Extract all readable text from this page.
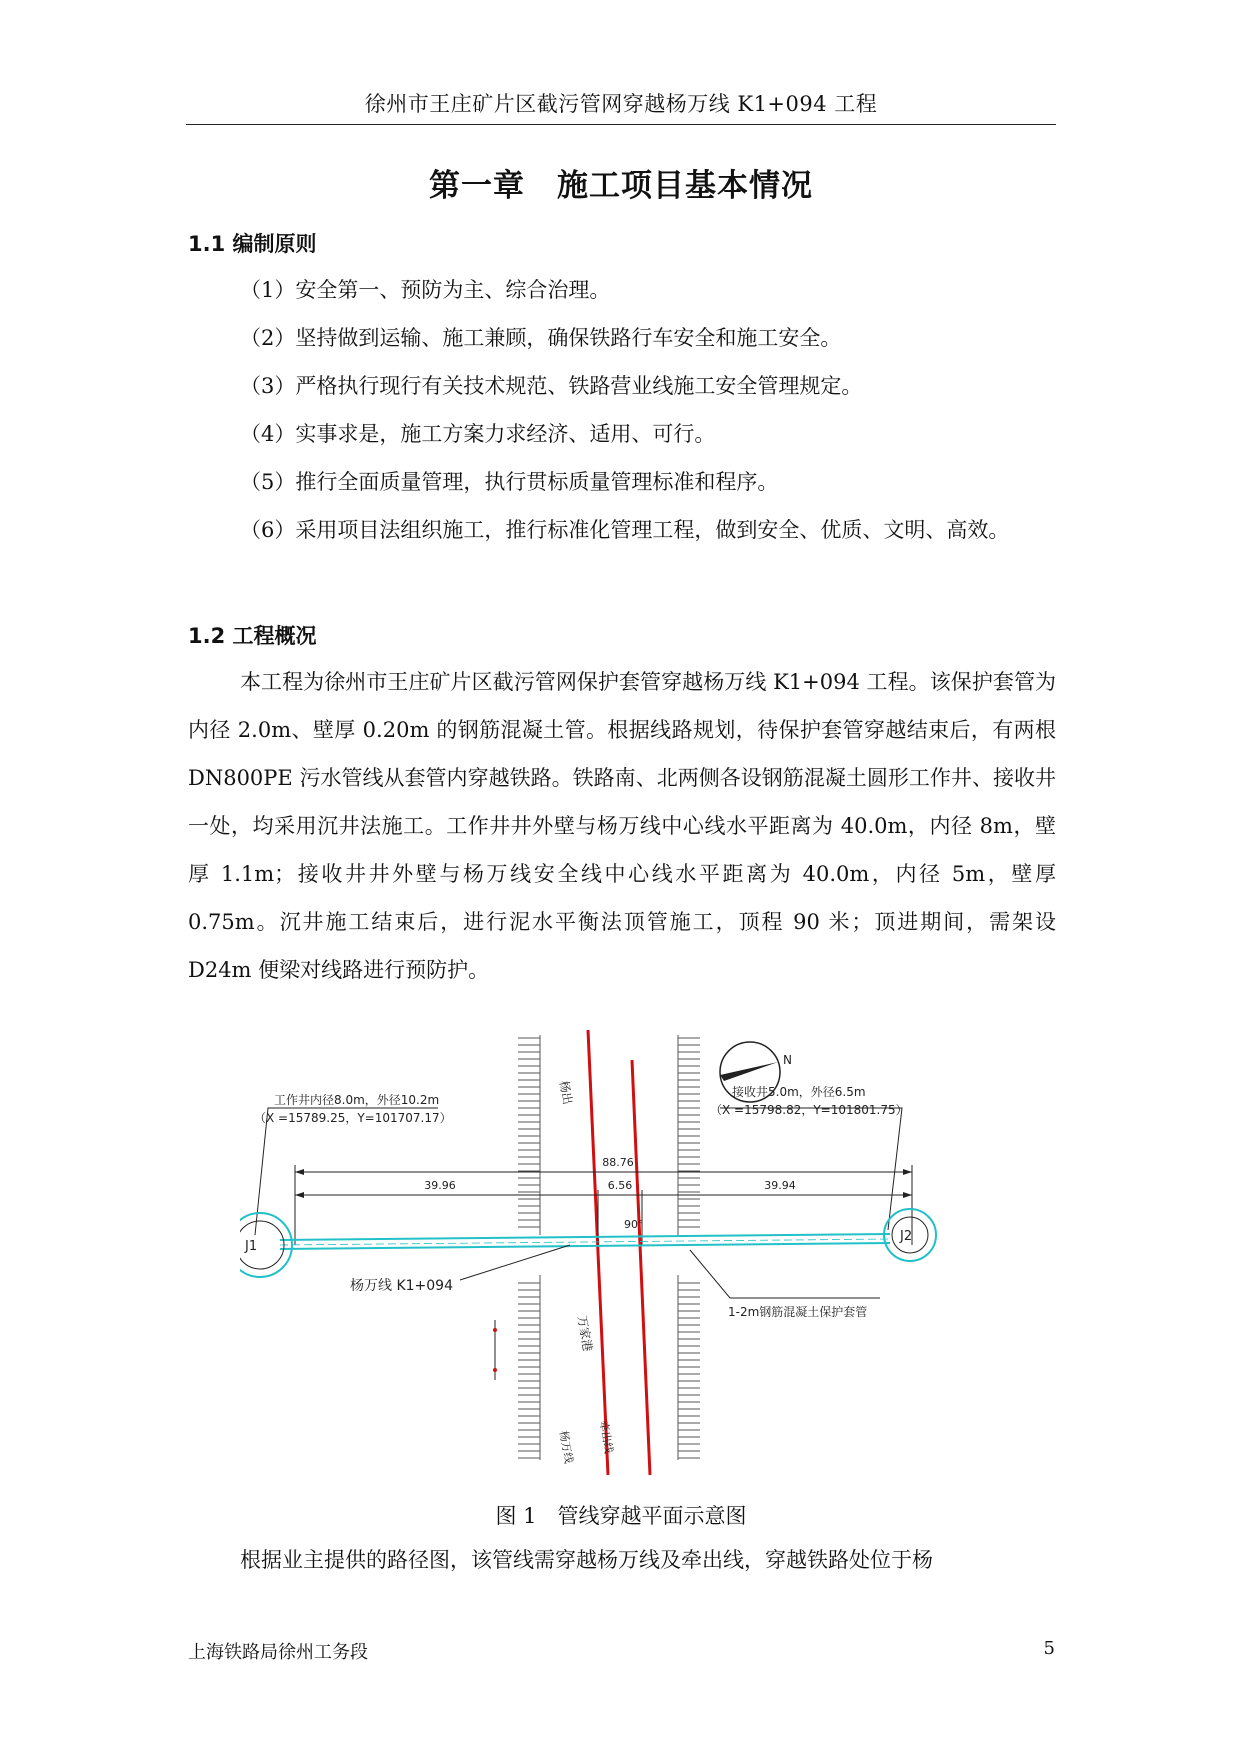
徐州市王庄矿片区截污管网穿越杨万线 K1+094 工程
第一章　施工项目基本情况
1.1 编制原则
（1）安全第一、预防为主、综合治理。
（2）坚持做到运输、施工兼顾，确保铁路行车安全和施工安全。
（3）严格执行现行有关技术规范、铁路营业线施工安全管理规定。
（4）实事求是，施工方案力求经济、适用、可行。
（5）推行全面质量管理，执行贯标质量管理标准和程序。
（6）采用项目法组织施工，推行标准化管理工程，做到安全、优质、文明、高效。
1.2 工程概况
本工程为徐州市王庄矿片区截污管网保护套管穿越杨万线 K1+094 工程。该保护套管为内径 2.0m、壁厚 0.20m 的钢筋混凝土管。根据线路规划，待保护套管穿越结束后，有两根 DN800PE 污水管线从套管内穿越铁路。铁路南、北两侧各设钢筋混凝土圆形工作井、接收井一处，均采用沉井法施工。工作井井外壁与杨万线中心线水平距离为 40.0m，内径 8m，壁厚 1.1m；接收井井外壁与杨万线安全线中心线水平距离为 40.0m，内径 5m，壁厚 0.75m。沉井施工结束后，进行泥水平衡法顶管施工，顶程 90 米；顶进期间，需架设 D24m 便梁对线路进行预防护。
N
88.76
39.96	6.56	39.94
J1
J2
工作井内径8.0m，外径10.2m
（X =15789.25，Y=101707.17）
接收井5.0m，外径6.5m
（X =15798.82，Y=101801.75）
杨万线 K1+094
1-2m钢筋混凝土保护套管
90°
杨出
万家港
杨万线 牵出线
图 1　管线穿越平面示意图
根据业主提供的路径图，该管线需穿越杨万线及牵出线，穿越铁路处位于杨
上海铁路局徐州工务段	5
